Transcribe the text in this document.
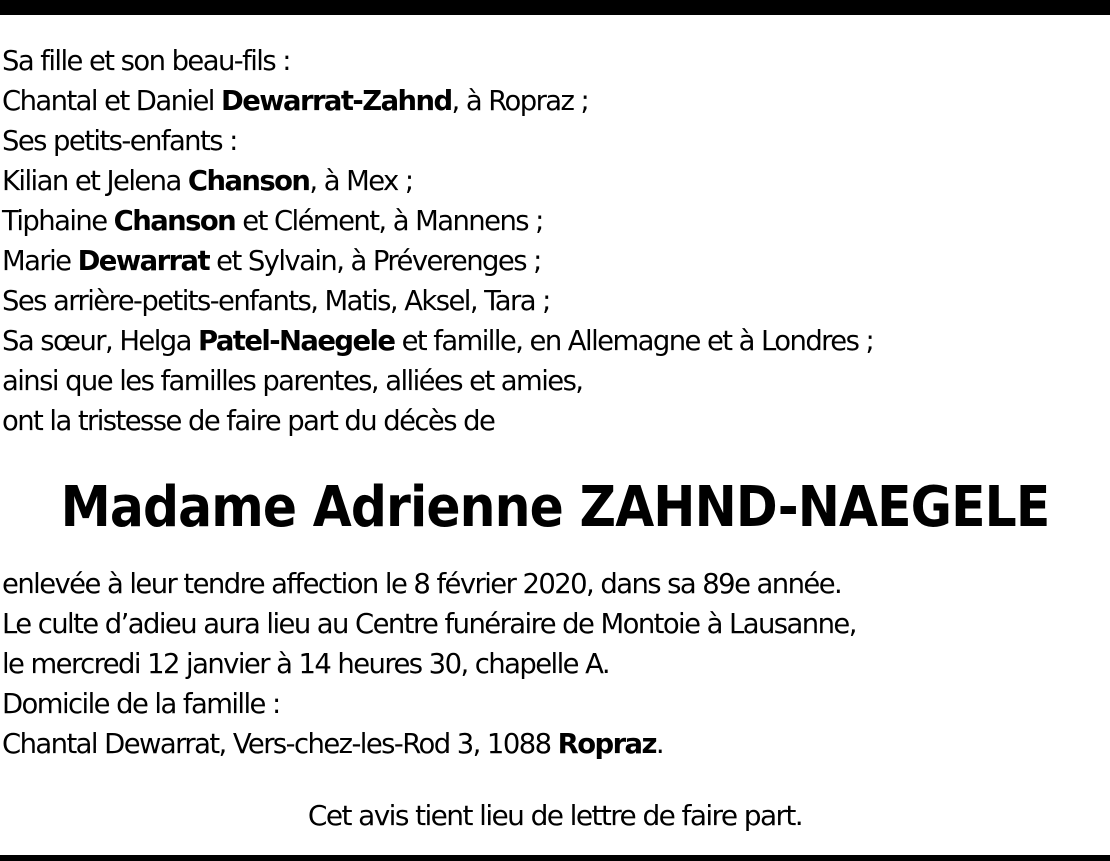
Sa fille et son beau-fils :
Chantal et Daniel Dewarrat-Zahnd, à Ropraz ;
Ses petits-enfants :
Kilian et Jelena Chanson, à Mex ;
Tiphaine Chanson et Clément, à Mannens ;
Marie Dewarrat et Sylvain, à Préverenges ;
Ses arrière-petits-enfants, Matis, Aksel, Tara ;
Sa sœur, Helga Patel-Naegele et famille, en Allemagne et à Londres ;
ainsi que les familles parentes, alliées et amies,
ont la tristesse de faire part du décès de
Madame Adrienne ZAHND-NAEGELE
enlevée à leur tendre affection le 8 février 2020, dans sa 89e année.
Le culte d’adieu aura lieu au Centre funéraire de Montoie à Lausanne,
le mercredi 12 janvier à 14 heures 30, chapelle A.
Domicile de la famille :
Chantal Dewarrat, Vers-chez-les-Rod 3, 1088 Ropraz.
Cet avis tient lieu de lettre de faire part.
